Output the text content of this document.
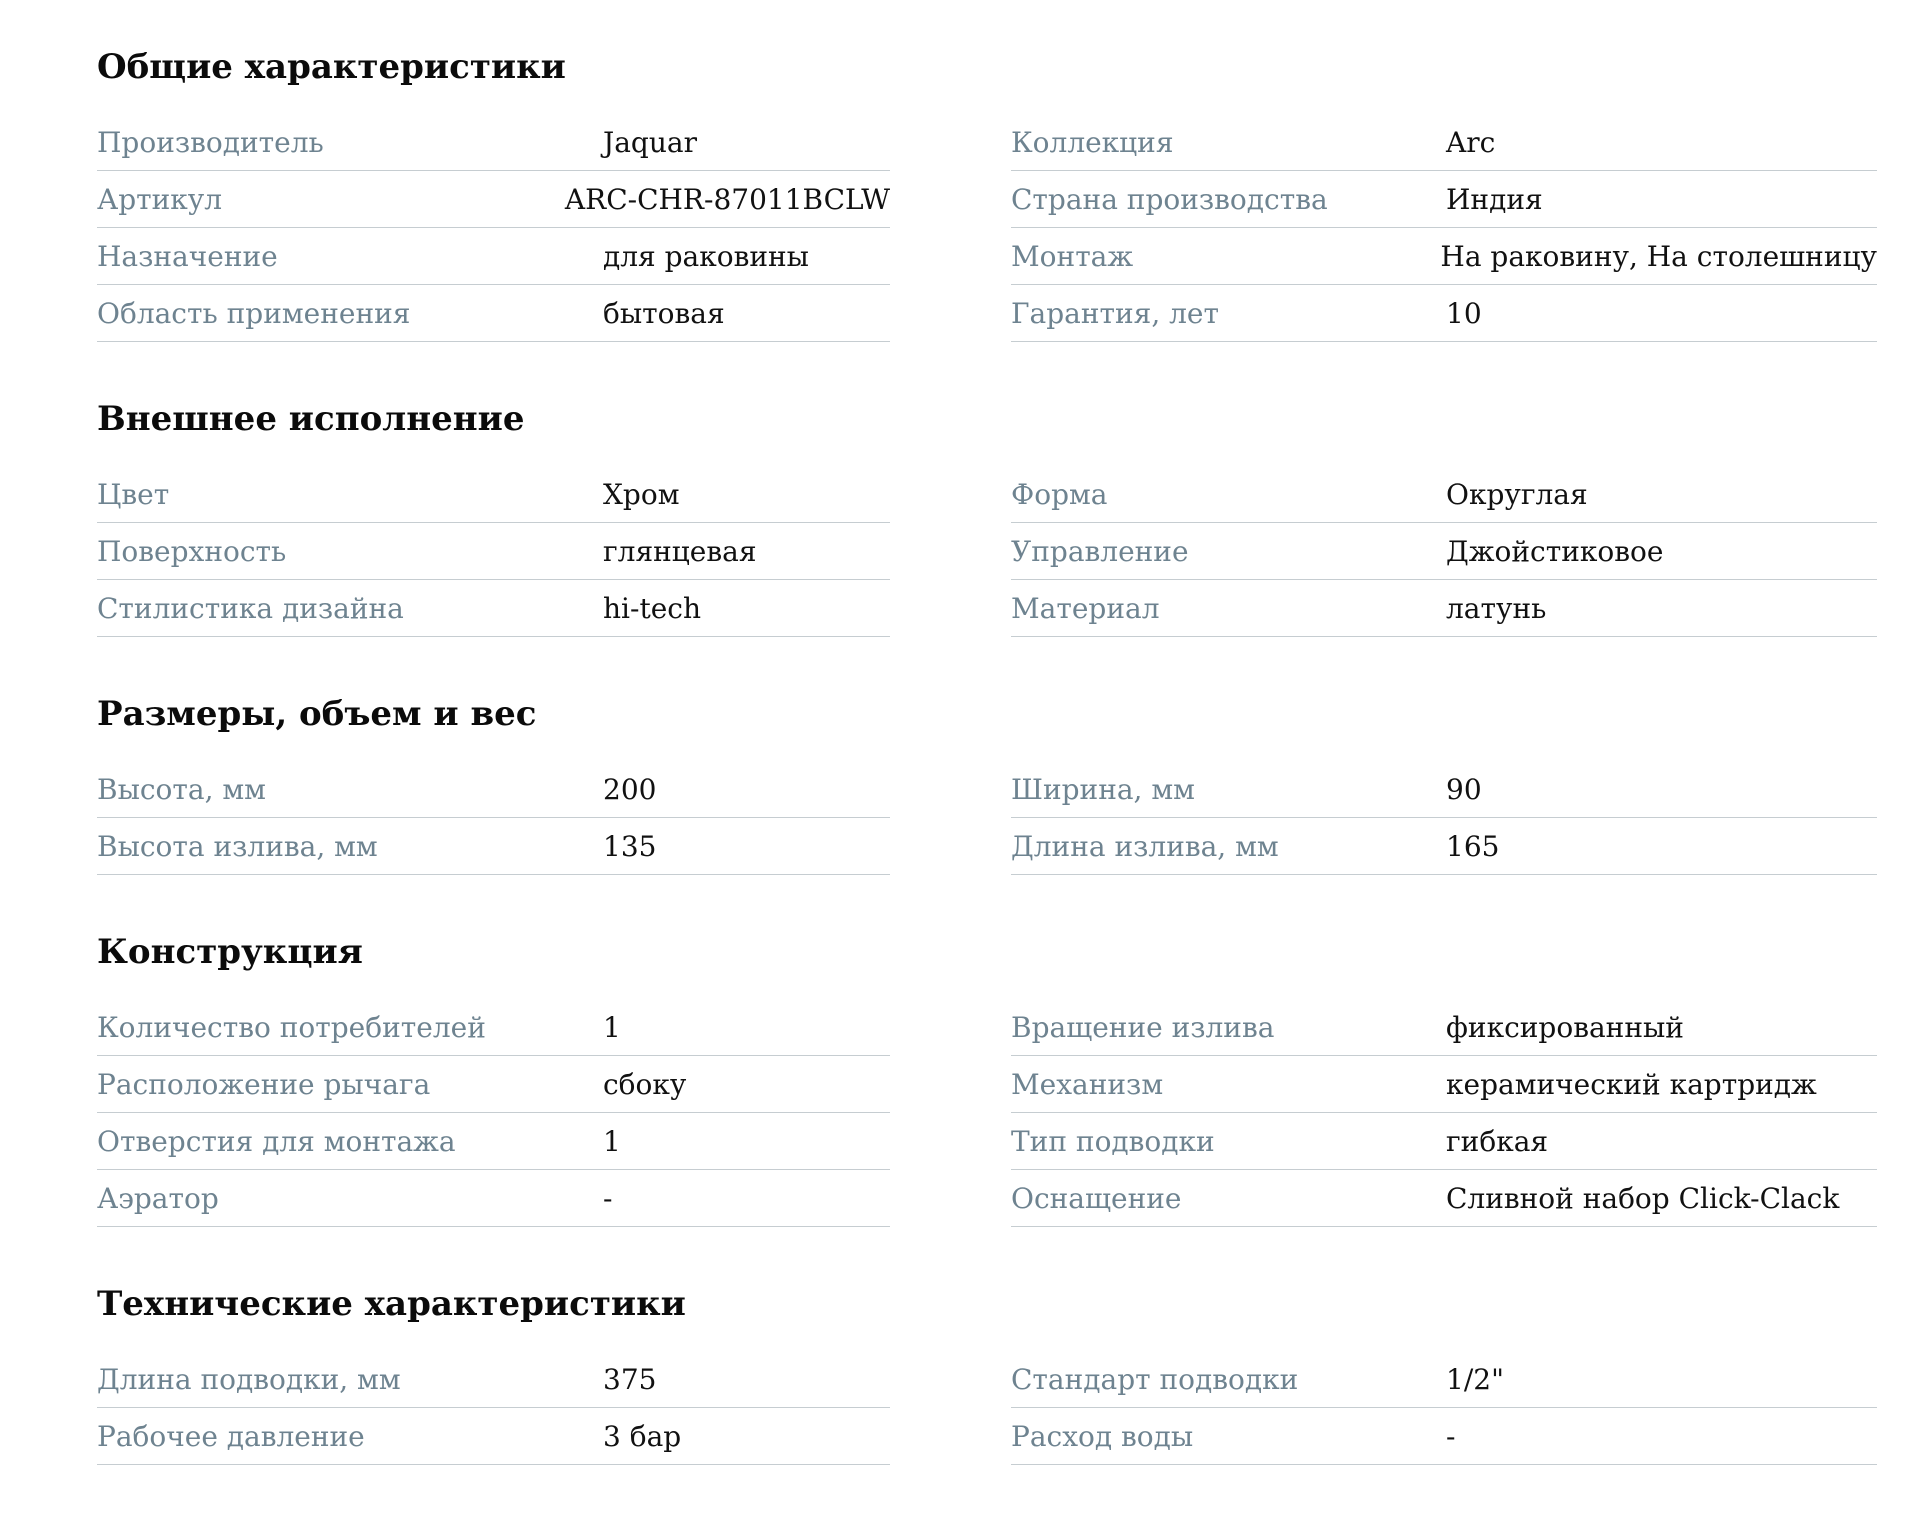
Общие характеристики
Производитель	Jaquar
Артикул	ARC-CHR-87011BCLW
Назначение	для раковины
Область применения	бытовая
Коллекция	Arc
Страна производства	Индия
Монтаж	На раковину, На столешницу
Гарантия, лет	10
Внешнее исполнение
Цвет	Хром
Поверхность	глянцевая
Стилистика дизайна	hi-tech
Форма	Округлая
Управление	Джойстиковое
Материал	латунь
Размеры, объем и вес
Высота, мм	200
Высота излива, мм	135
Ширина, мм	90
Длина излива, мм	165
Конструкция
Количество потребителей	1
Расположение рычага	сбоку
Отверстия для монтажа	1
Аэратор	-
Вращение излива	фиксированный
Механизм	керамический картридж
Тип подводки	гибкая
Оснащение	Сливной набор Click-Clack
Технические характеристики
Длина подводки, мм	375
Рабочее давление	3 бар
Стандарт подводки	1/2"
Расход воды	-
